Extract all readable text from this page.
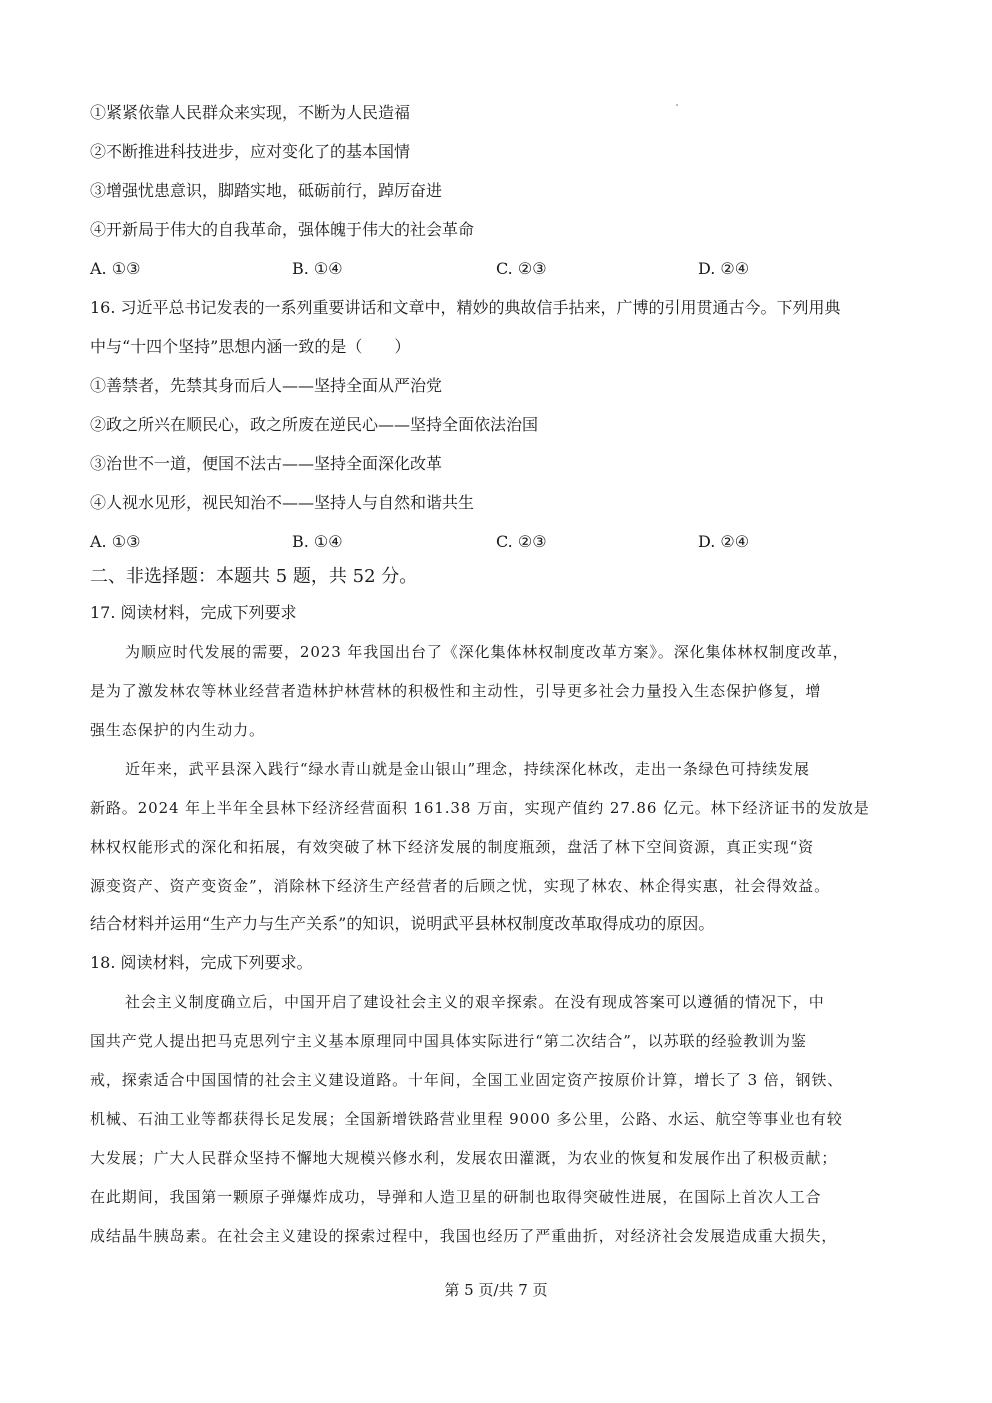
①紧紧依靠人民群众来实现，不断为人民造福
②不断推进科技进步，应对变化了的基本国情
③增强忧患意识，脚踏实地，砥砺前行，踔厉奋进
④开新局于伟大的自我革命，强体魄于伟大的社会革命
A. ①③	B. ①④	C. ②③	D. ②④
16. 习近平总书记发表的一系列重要讲话和文章中，精妙的典故信手拈来，广博的引用贯通古今。下列用典
中与“十四个坚持”思想内涵一致的是（　　）
①善禁者，先禁其身而后人——坚持全面从严治党
②政之所兴在顺民心，政之所废在逆民心——坚持全面依法治国
③治世不一道，便国不法古——坚持全面深化改革
④人视水见形，视民知治不——坚持人与自然和谐共生
A. ①③	B. ①④	C. ②③	D. ②④
二、非选择题：本题共 5 题，共 52 分。
17. 阅读材料，完成下列要求
为顺应时代发展的需要，2023 年我国出台了《深化集体林权制度改革方案》。深化集体林权制度改革，
是为了激发林农等林业经营者造林护林营林的积极性和主动性，引导更多社会力量投入生态保护修复，增
强生态保护的内生动力。
近年来，武平县深入践行“绿水青山就是金山银山”理念，持续深化林改，走出一条绿色可持续发展
新路。2024 年上半年全县林下经济经营面积 161.38 万亩，实现产值约 27.86 亿元。林下经济证书的发放是
林权权能形式的深化和拓展，有效突破了林下经济发展的制度瓶颈，盘活了林下空间资源，真正实现“资
源变资产、资产变资金”，消除林下经济生产经营者的后顾之忧，实现了林农、林企得实惠，社会得效益。
结合材料并运用“生产力与生产关系”的知识，说明武平县林权制度改革取得成功的原因。
18. 阅读材料，完成下列要求。
社会主义制度确立后，中国开启了建设社会主义的艰辛探索。在没有现成答案可以遵循的情况下，中
国共产党人提出把马克思列宁主义基本原理同中国具体实际进行“第二次结合”，以苏联的经验教训为鉴
戒，探索适合中国国情的社会主义建设道路。十年间，全国工业固定资产按原价计算，增长了 3 倍，钢铁、
机械、石油工业等都获得长足发展；全国新增铁路营业里程 9000 多公里，公路、水运、航空等事业也有较
大发展；广大人民群众坚持不懈地大规模兴修水利，发展农田灌溉，为农业的恢复和发展作出了积极贡献；
在此期间，我国第一颗原子弹爆炸成功，导弹和人造卫星的研制也取得突破性进展，在国际上首次人工合
成结晶牛胰岛素。在社会主义建设的探索过程中，我国也经历了严重曲折，对经济社会发展造成重大损失，
第 5 页/共 7 页
